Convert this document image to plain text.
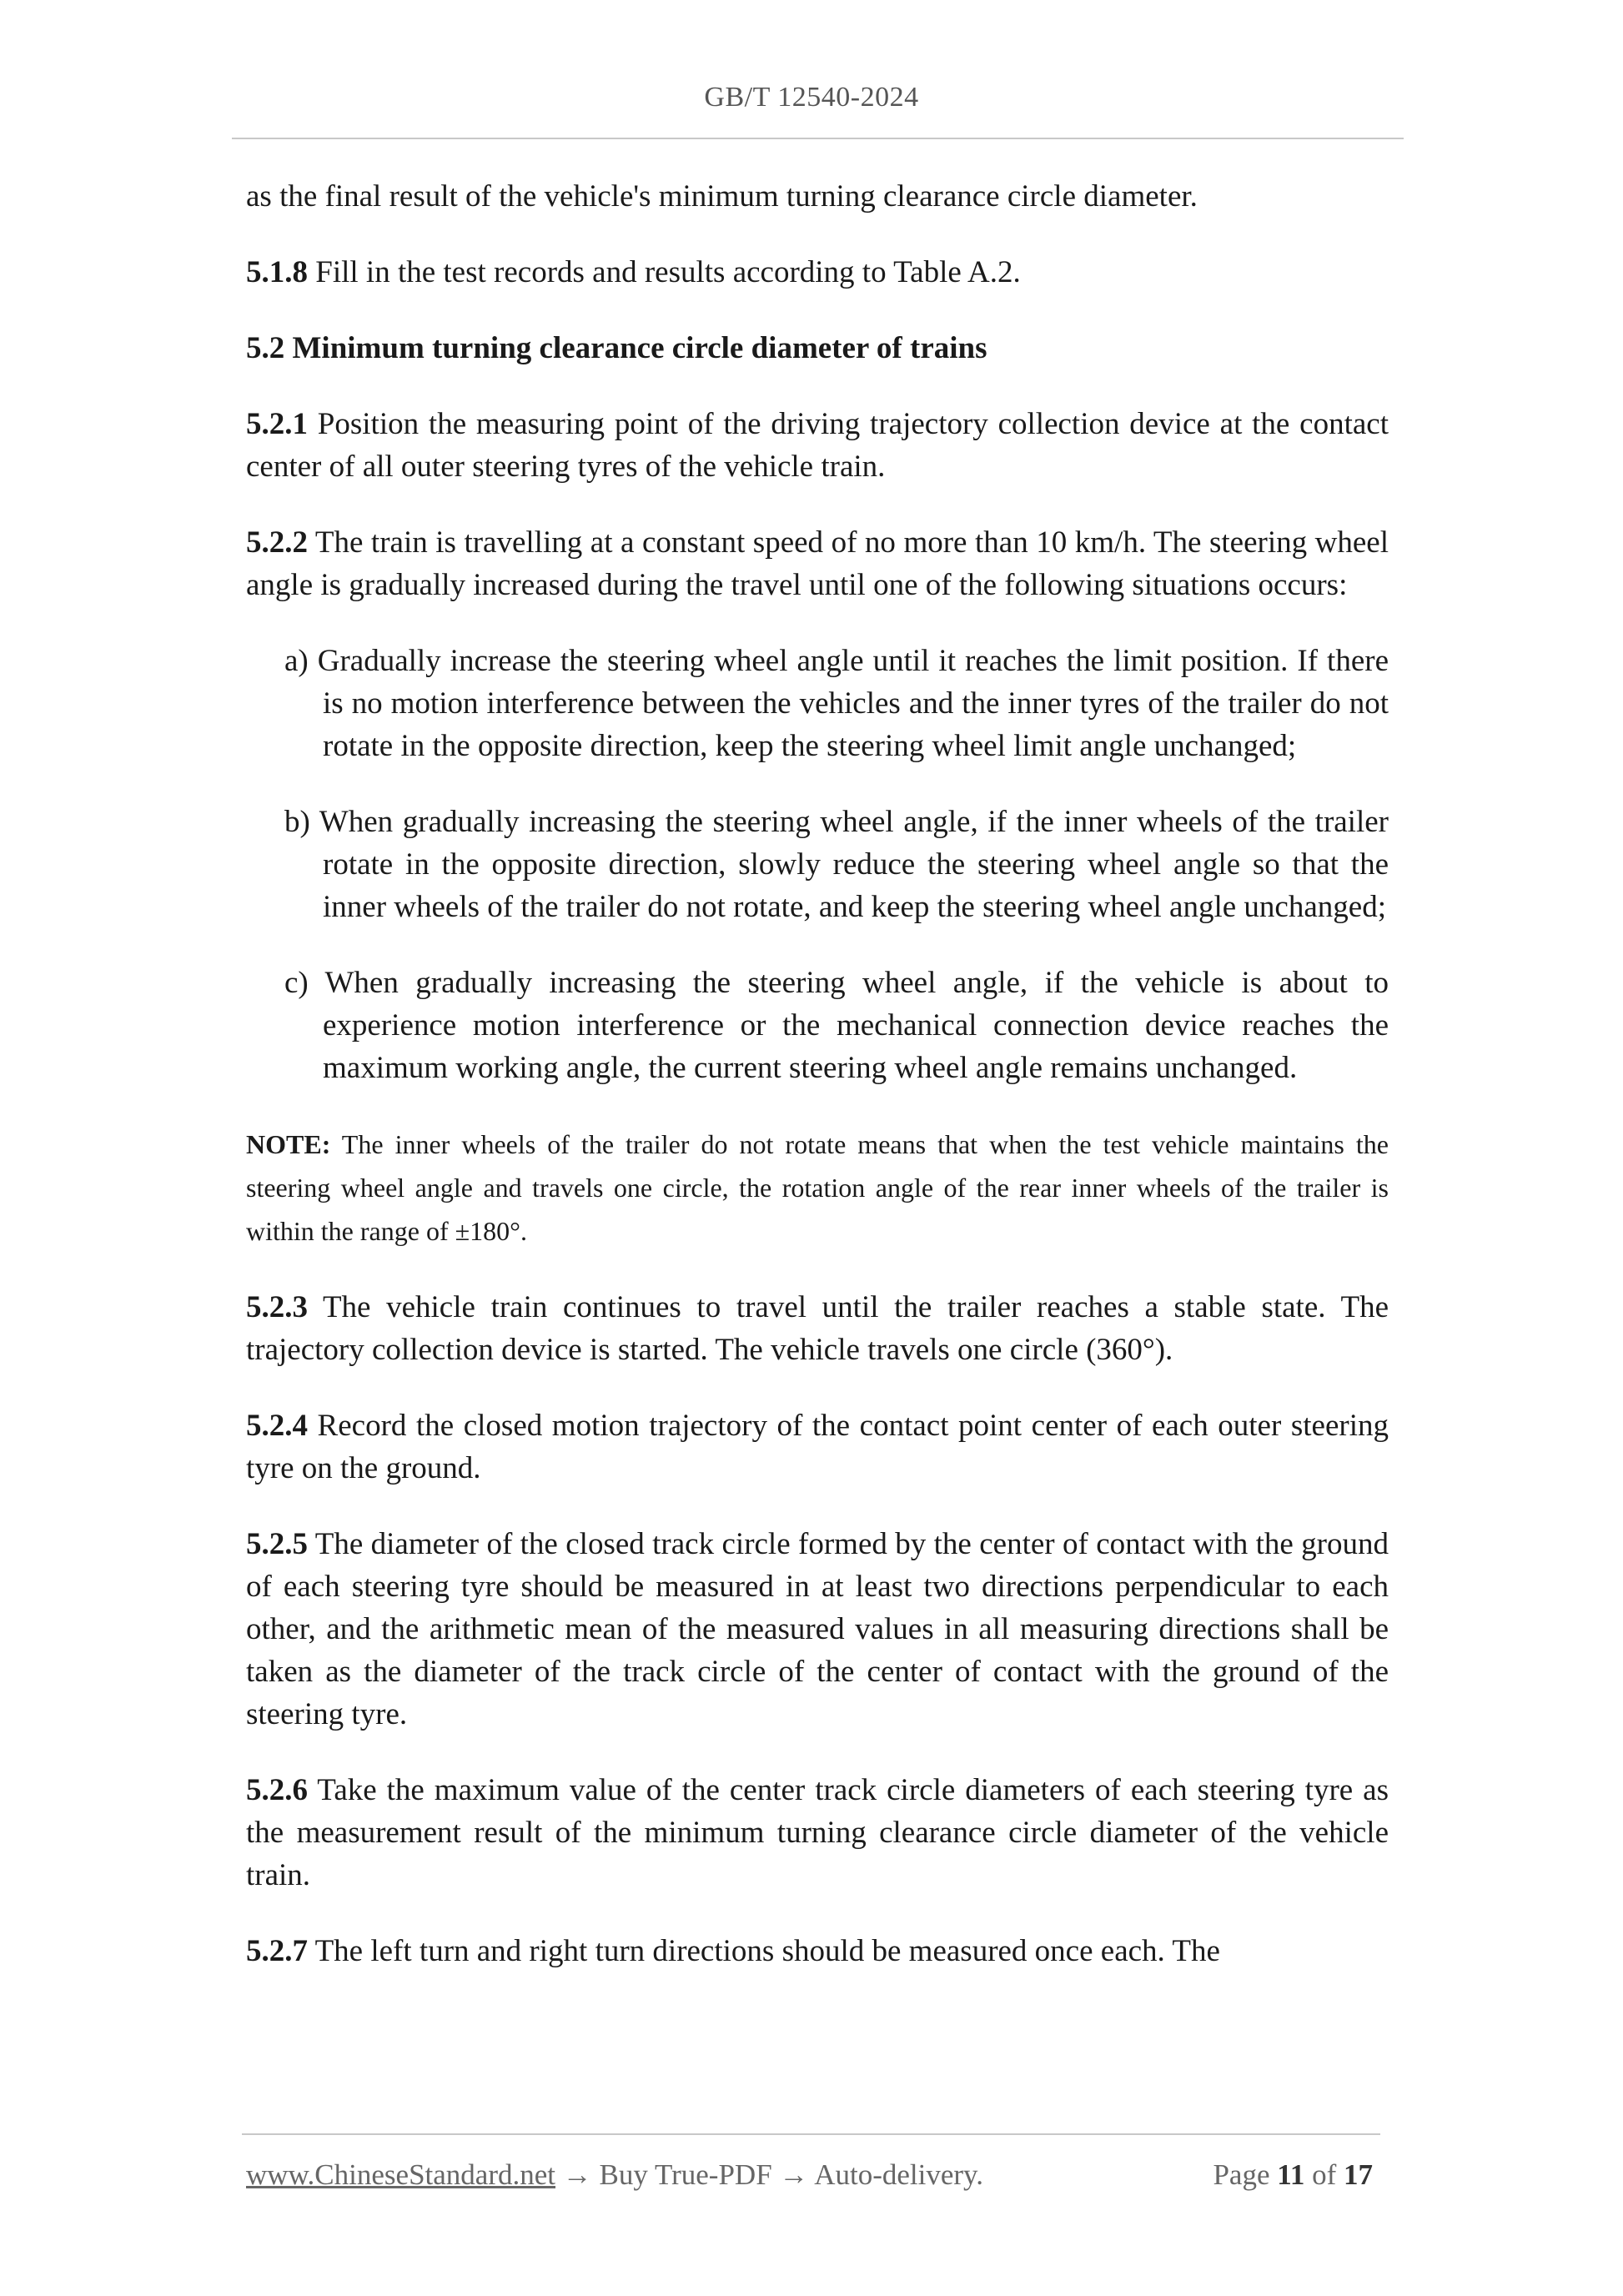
GB/T 12540-2024

as the final result of the vehicle's minimum turning clearance circle diameter.

5.1.8 Fill in the test records and results according to Table A.2.

5.2 Minimum turning clearance circle diameter of trains

5.2.1 Position the measuring point of the driving trajectory collection device at the contact center of all outer steering tyres of the vehicle train.

5.2.2 The train is travelling at a constant speed of no more than 10 km/h. The steering wheel angle is gradually increased during the travel until one of the following situations occurs:

a) Gradually increase the steering wheel angle until it reaches the limit position. If there is no motion interference between the vehicles and the inner tyres of the trailer do not rotate in the opposite direction, keep the steering wheel limit angle unchanged;

b) When gradually increasing the steering wheel angle, if the inner wheels of the trailer rotate in the opposite direction, slowly reduce the steering wheel angle so that the inner wheels of the trailer do not rotate, and keep the steering wheel angle unchanged;

c) When gradually increasing the steering wheel angle, if the vehicle is about to experience motion interference or the mechanical connection device reaches the maximum working angle, the current steering wheel angle remains unchanged.

NOTE: The inner wheels of the trailer do not rotate means that when the test vehicle maintains the steering wheel angle and travels one circle, the rotation angle of the rear inner wheels of the trailer is within the range of ±180°.

5.2.3 The vehicle train continues to travel until the trailer reaches a stable state. The trajectory collection device is started. The vehicle travels one circle (360°).

5.2.4 Record the closed motion trajectory of the contact point center of each outer steering tyre on the ground.

5.2.5 The diameter of the closed track circle formed by the center of contact with the ground of each steering tyre should be measured in at least two directions perpendicular to each other, and the arithmetic mean of the measured values in all measuring directions shall be taken as the diameter of the track circle of the center of contact with the ground of the steering tyre.

5.2.6 Take the maximum value of the center track circle diameters of each steering tyre as the measurement result of the minimum turning clearance circle diameter of the vehicle train.

5.2.7 The left turn and right turn directions should be measured once each. The

www.ChineseStandard.net → Buy True-PDF → Auto-delivery.	Page 11 of 17
